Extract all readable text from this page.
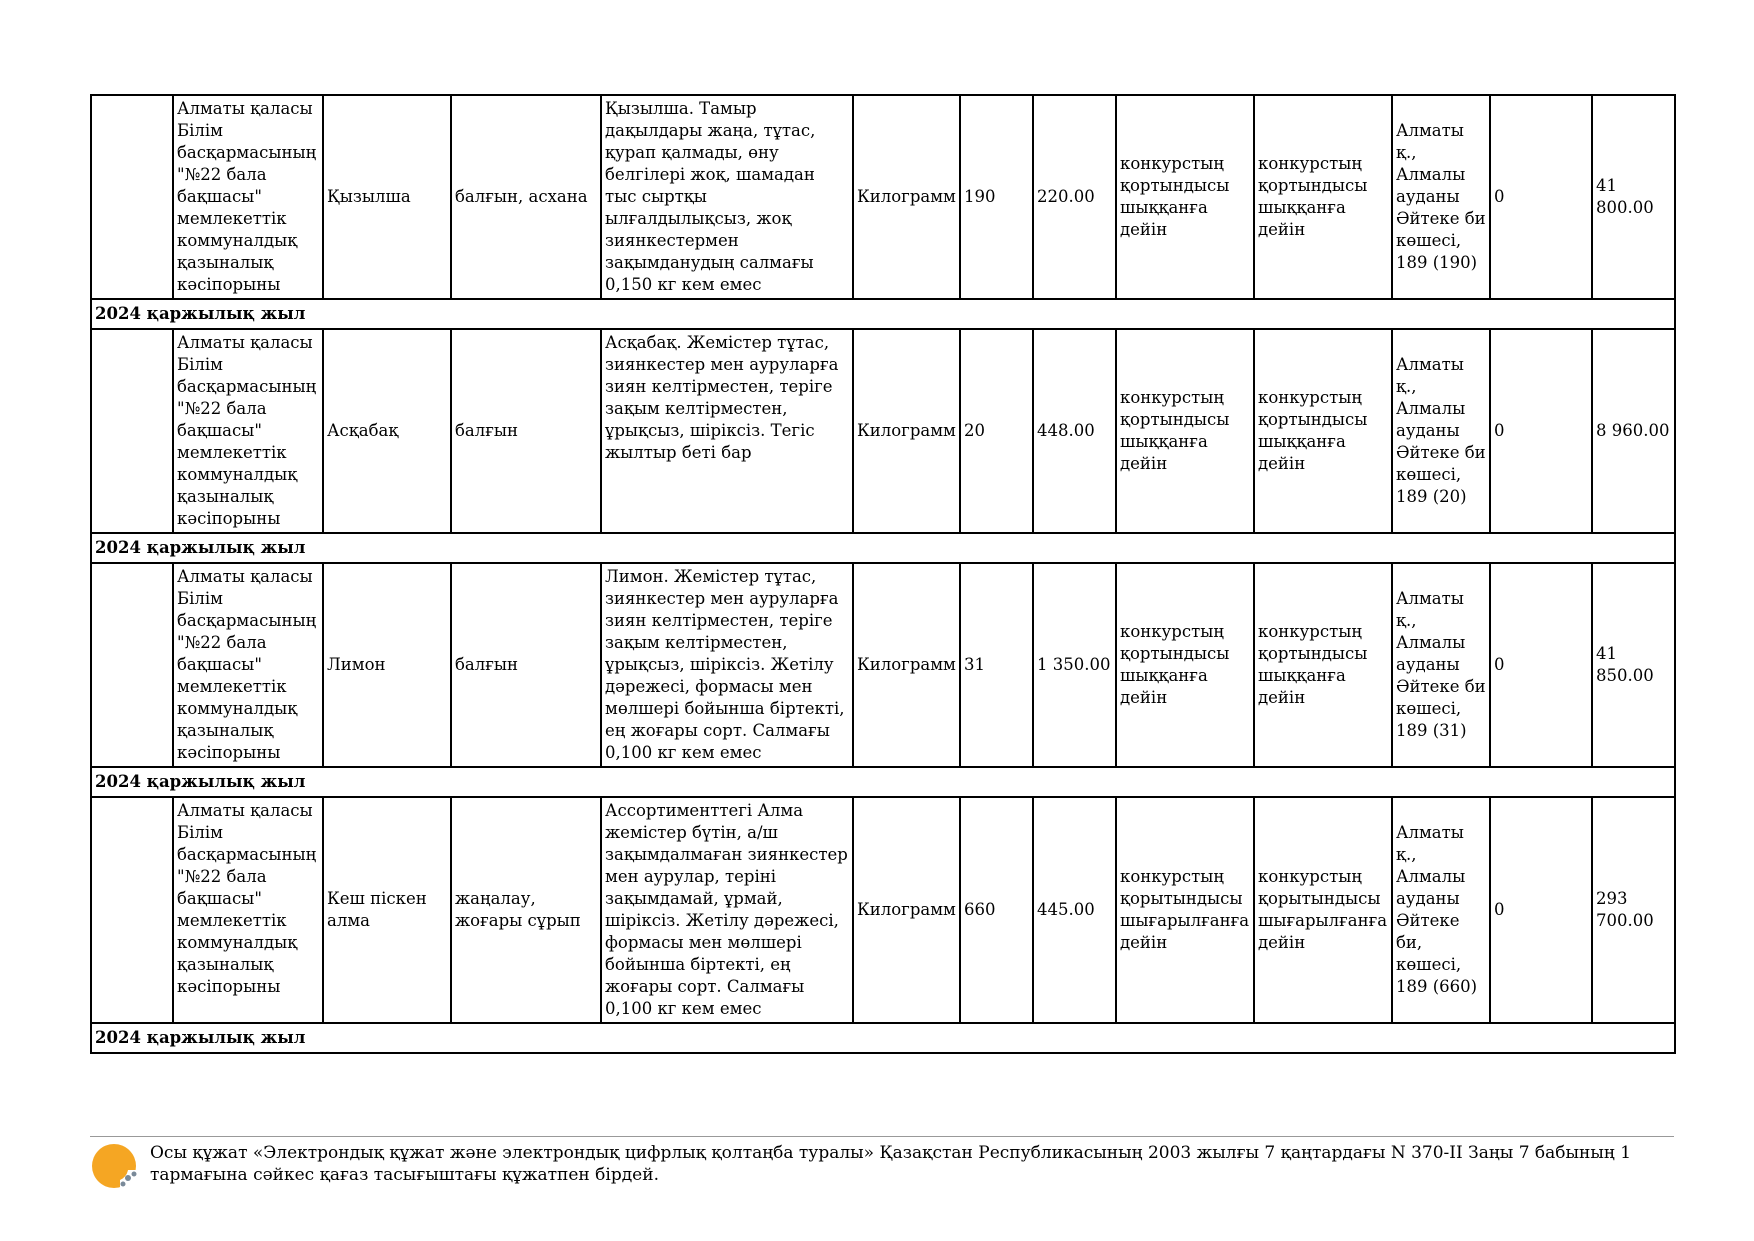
	Алматы қаласы Білім басқармасының "№22 бала бақшасы" мемлекеттік коммуналдық қазыналық кәсіпорыны	Қызылша	балғын, асхана	Қызылша. Тамыр дақылдары жаңа, тұтас, қурап қалмады, өну белгілері жоқ, шамадан тыс сыртқы ылғалдылықсыз, жоқ зиянкестермен зақымданудың салмағы 0,150 кг кем емес	Килограмм	190	220.00	конкурстың қортындысы шыққанға дейін	конкурстың қортындысы шыққанға дейін	Алматы қ., Алмалы ауданы Әйтеке би көшесі, 189 (190)	0	41 800.00
2024 қаржылық жыл												
	Алматы қаласы Білім басқармасының "№22 бала бақшасы" мемлекеттік коммуналдық қазыналық кәсіпорыны	Асқабақ	балғын	Асқабақ. Жемістер тұтас, зиянкестер мен ауруларға зиян келтірместен, теріге зақым келтірместен, ұрықсыз, шіріксіз. Тегіс жылтыр беті бар	Килограмм	20	448.00	конкурстың қортындысы шыққанға дейін	конкурстың қортындысы шыққанға дейін	Алматы қ., Алмалы ауданы Әйтеке би көшесі, 189 (20)	0	8 960.00
2024 қаржылық жыл												
	Алматы қаласы Білім басқармасының "№22 бала бақшасы" мемлекеттік коммуналдық қазыналық кәсіпорыны	Лимон	балғын	Лимон. Жемістер тұтас, зиянкестер мен ауруларға зиян келтірместен, теріге зақым келтірместен, ұрықсыз, шіріксіз. Жетілу дәрежесі, формасы мен мөлшері бойынша біртекті, ең жоғары сорт. Салмағы 0,100 кг кем емес	Килограмм	31	1 350.00	конкурстың қортындысы шыққанға дейін	конкурстың қортындысы шыққанға дейін	Алматы қ., Алмалы ауданы Әйтеке би көшесі, 189 (31)	0	41 850.00
2024 қаржылық жыл												
	Алматы қаласы Білім басқармасының "№22 бала бақшасы" мемлекеттік коммуналдық қазыналық кәсіпорыны	Кеш піскен алма	жаңалау, жоғары сұрып	Ассортименттегі Алма жемістер бүтін, а/ш зақымдалмаған зиянкестер мен аурулар, теріні зақымдамай, ұрмай, шіріксіз. Жетілу дәрежесі, формасы мен мөлшері бойынша біртекті, ең жоғары сорт. Салмағы 0,100 кг кем емес	Килограмм	660	445.00	конкурстың қорытындысы шығарылғанға дейін	конкурстың қорытындысы шығарылғанға дейін	Алматы қ., Алмалы ауданы Әйтеке би, көшесі, 189 (660)	0	293 700.00
2024 қаржылық жыл												
Осы құжат «Электрондық құжат және электрондық цифрлық қолтаңба туралы» Қазақстан Республикасының 2003 жылғы 7 қаңтардағы N 370-II Заңы 7 бабының 1 тармағына сәйкес қағаз тасығыштағы құжатпен бірдей.
